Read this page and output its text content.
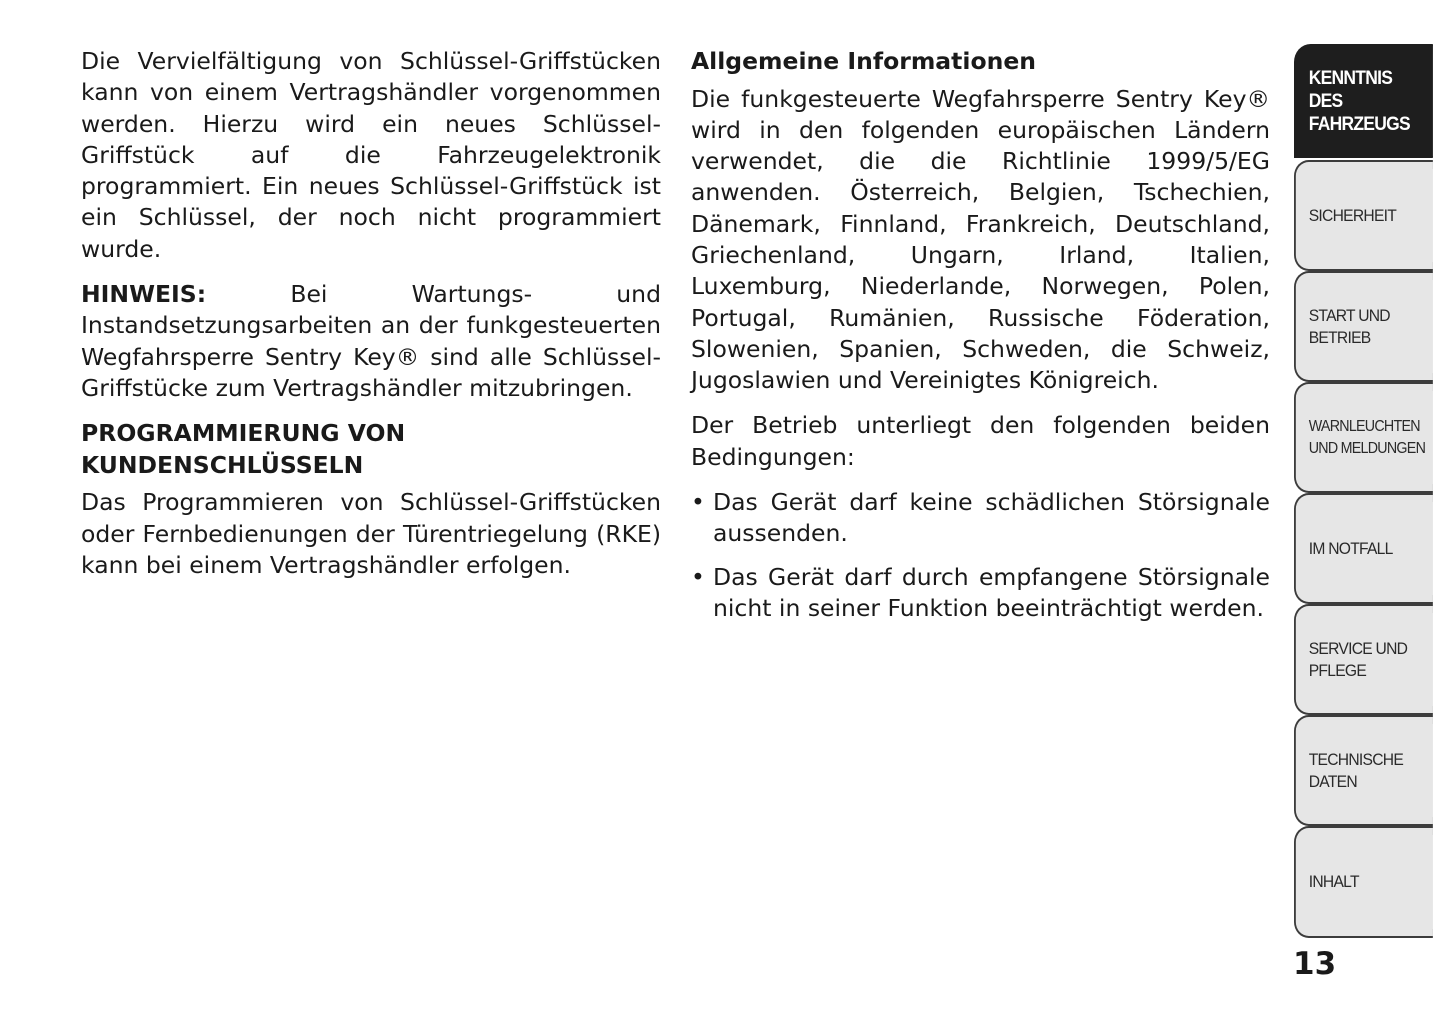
Die Vervielfältigung von Schlüssel-Griffstücken kann von einem Vertragshändler vorgenommen werden. Hierzu wird ein neues Schlüssel-Griffstück auf die Fahrzeugelektronik programmiert. Ein neues Schlüssel-Griffstück ist ein Schlüssel, der noch nicht programmiert wurde.

HINWEIS: Bei Wartungs- und Instandsetzungsarbeiten an der funkgesteuerten Wegfahrsperre Sentry Key® sind alle Schlüssel-Griffstücke zum Vertragshändler mitzubringen.

PROGRAMMIERUNG VON
KUNDENSCHLÜSSELN

Das Programmieren von Schlüssel-Griffstücken oder Fernbedienungen der Türentriegelung (RKE) kann bei einem Vertragshändler erfolgen.

Allgemeine Informationen

Die funkgesteuerte Wegfahrsperre Sentry Key® wird in den folgenden europäischen Ländern verwendet, die die Richtlinie 1999/5/EG anwenden. Österreich, Belgien, Tschechien, Dänemark, Finnland, Frankreich, Deutschland, Griechenland, Ungarn, Irland, Italien, Luxemburg, Niederlande, Norwegen, Polen, Portugal, Rumänien, Russische Föderation, Slowenien, Spanien, Schweden, die Schweiz, Jugoslawien und Vereinigtes Königreich.

Der Betrieb unterliegt den folgenden beiden Bedingungen:

• Das Gerät darf keine schädlichen Störsignale aussenden.
• Das Gerät darf durch empfangene Störsignale nicht in seiner Funktion beeinträchtigt werden.
KENNTNIS
DES
FAHRZEUGS
SICHERHEIT
START UND
BETRIEB
WARNLEUCHTEN
UND MELDUNGEN
IM NOTFALL
SERVICE UND
PFLEGE
TECHNISCHE
DATEN
INHALT
13
